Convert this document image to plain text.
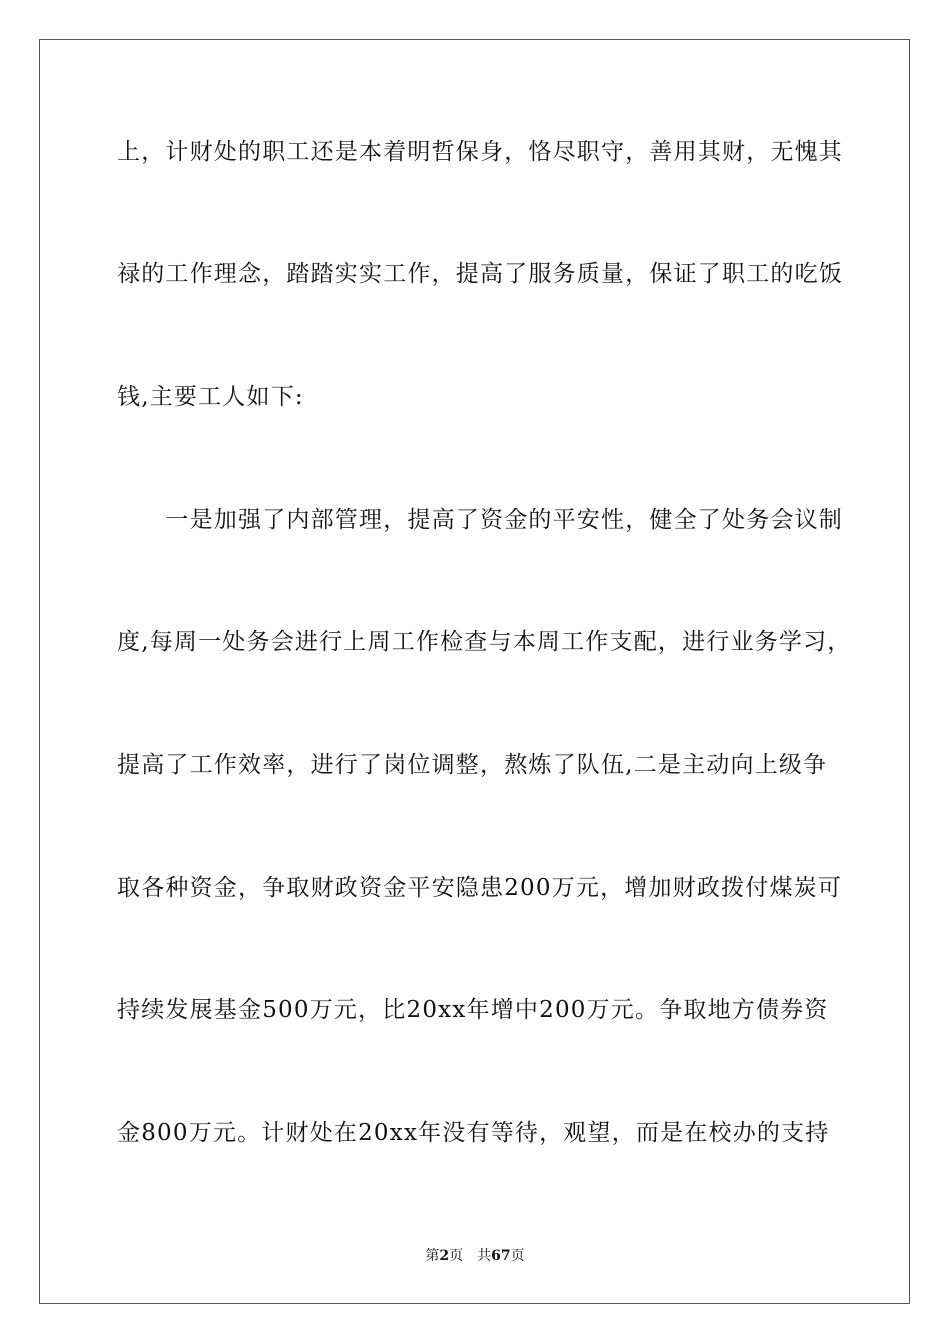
上，计财处的职工还是本着明哲保身，恪尽职守，善用其财，无愧其
禄的工作理念，踏踏实实工作，提高了服务质量，保证了职工的吃饭
钱,主要工人如下:
　　一是加强了内部管理，提高了资金的平安性，健全了处务会议制
度,每周一处务会进行上周工作检查与本周工作支配，进行业务学习，
提高了工作效率，进行了岗位调整，熬炼了队伍,二是主动向上级争
取各种资金，争取财政资金平安隐患200万元，增加财政拨付煤炭可
持续发展基金500万元，比20xx年增中200万元。争取地方债券资
金800万元。计财处在20xx年没有等待，观望，而是在校办的支持
第2页 共67页
